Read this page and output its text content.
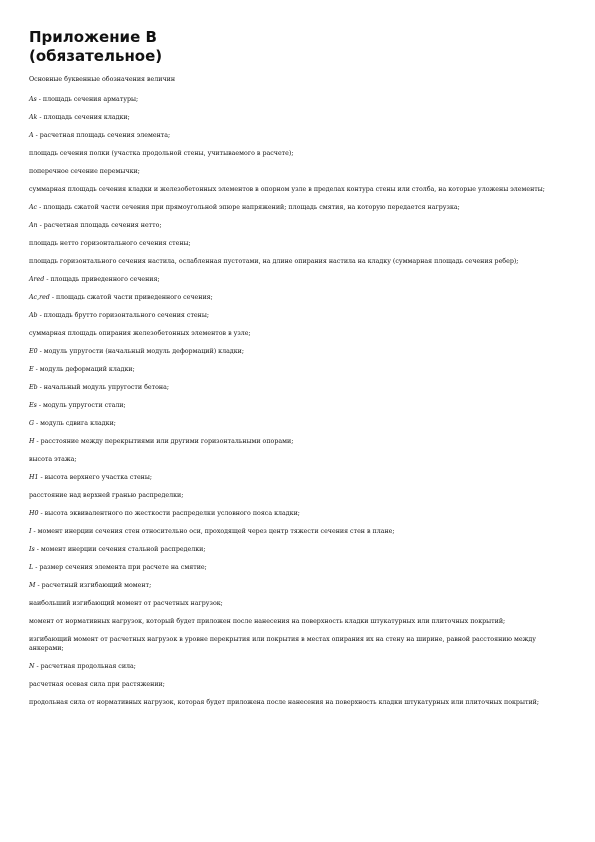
Приложение В
(обязательное)

Основные буквенные обозначения величин

As - площадь сечения арматуры;
Ak - площадь сечения кладки;
A - расчетная площадь сечения элемента;
площадь сечения полки (участка продольной стены, учитываемого в расчете);
поперечное сечение перемычки;
суммарная площадь сечения кладки и железобетонных элементов в опорном узле в пределах контура стены или столба, на которые уложены элементы;
Ac - площадь сжатой части сечения при прямоугольной эпюре напряжений; площадь смятия, на которую передается нагрузка;
An - расчетная площадь сечения нетто;
площадь нетто горизонтального сечения стены;
площадь горизонтального сечения настила, ослабленная пустотами, на длине опирания настила на кладку (суммарная площадь сечения ребер);
Ared - площадь приведенного сечения;
Ac,red - площадь сжатой части приведенного сечения;
Ab - площадь брутто горизонтального сечения стены;
суммарная площадь опирания железобетонных элементов в узле;
E0 - модуль упругости (начальный модуль деформаций) кладки;
E - модуль деформаций кладки;
Eb - начальный модуль упругости бетона;
Es - модуль упругости стали;
G - модуль сдвига кладки;
H - расстояние между перекрытиями или другими горизонтальными опорами;
высота этажа;
H1 - высота верхнего участка стены;
расстояние над верхней гранью распределки;
H0 - высота эквивалентного по жесткости распределки условного пояса кладки;
I - момент инерции сечения стен относительно оси, проходящей через центр тяжести сечения стен в плане;
Is - момент инерции сечения стальной распределки;
L - размер сечения элемента при расчете на смятие;
M - расчетный изгибающий момент;
наибольший изгибающий момент от расчетных нагрузок;
момент от нормативных нагрузок, который будет приложен после нанесения на поверхность кладки штукатурных или плиточных покрытий;
изгибающий момент от расчетных нагрузок в уровне перекрытия или покрытия в местах опирания их на стену на ширине, равной расстоянию между анкерами;
N - расчетная продольная сила;
расчетная осевая сила при растяжении;
продольная сила от нормативных нагрузок, которая будет приложена после нанесения на поверхность кладки штукатурных или плиточных покрытий;
